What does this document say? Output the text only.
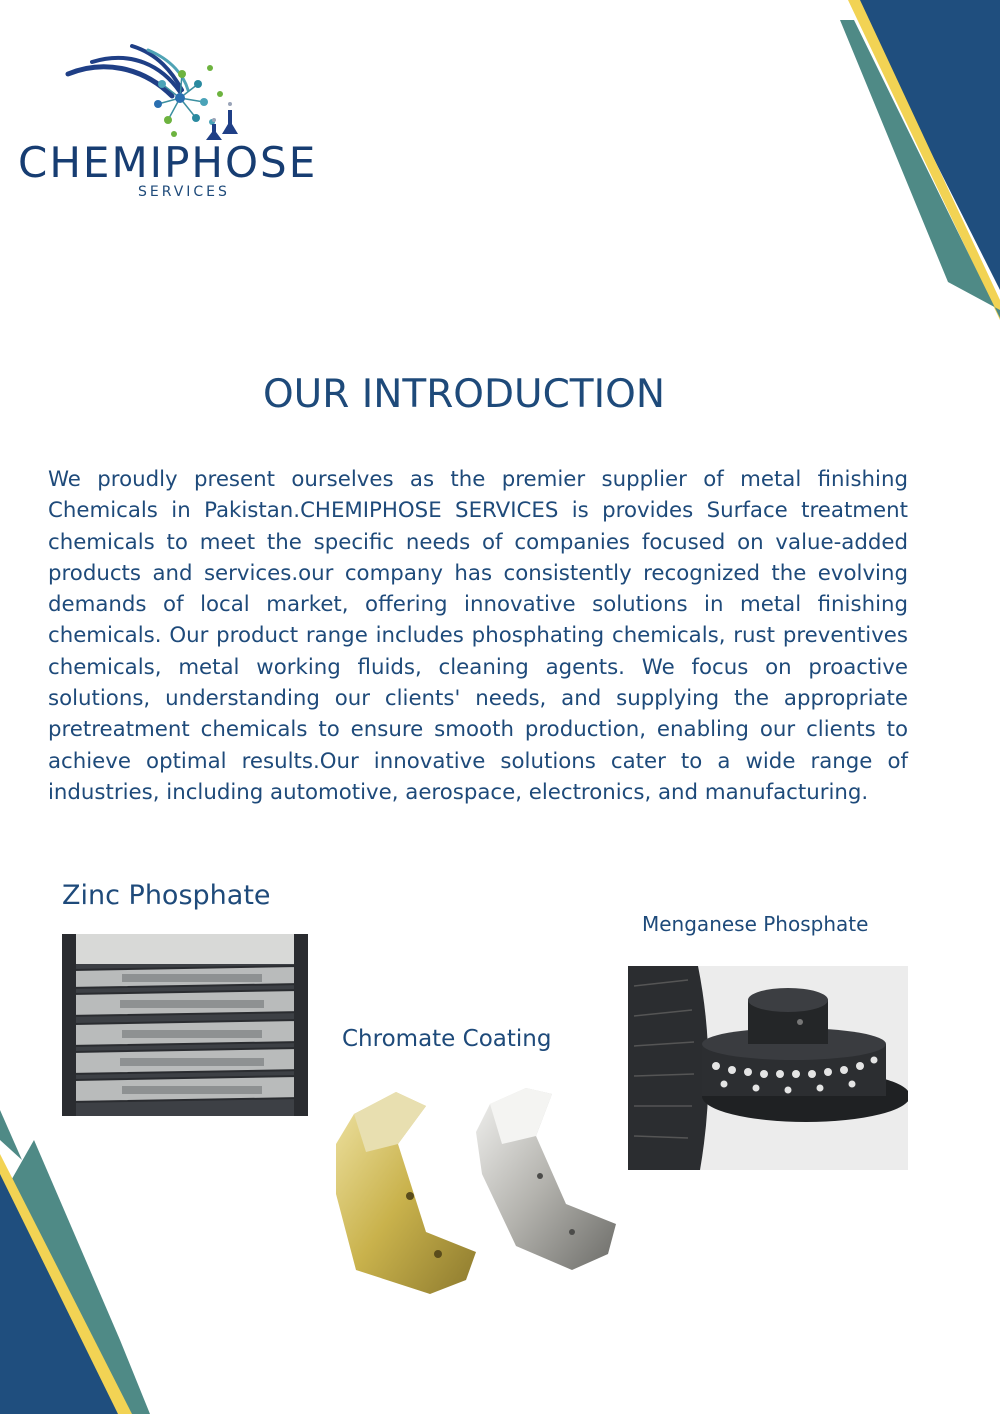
CHEMIPHOSE
SERVICES
OUR INTRODUCTION

We proudly present ourselves as the premier supplier of metal finishing Chemicals in Pakistan.CHEMIPHOSE SERVICES is provides Surface treatment chemicals to meet the specific needs of companies focused on value-added products and services.our company has consistently recognized the evolving demands of local market, offering innovative solutions in metal finishing chemicals. Our product range includes phosphating chemicals, rust preventives chemicals, metal working fluids, cleaning agents. We focus on proactive solutions, understanding our clients' needs, and supplying the appropriate pretreatment chemicals to ensure smooth production, enabling our clients to achieve optimal results.Our innovative solutions cater to a wide range of industries, including automotive, aerospace, electronics, and manufacturing.

Zinc Phosphate
Chromate Coating
Menganese Phosphate
